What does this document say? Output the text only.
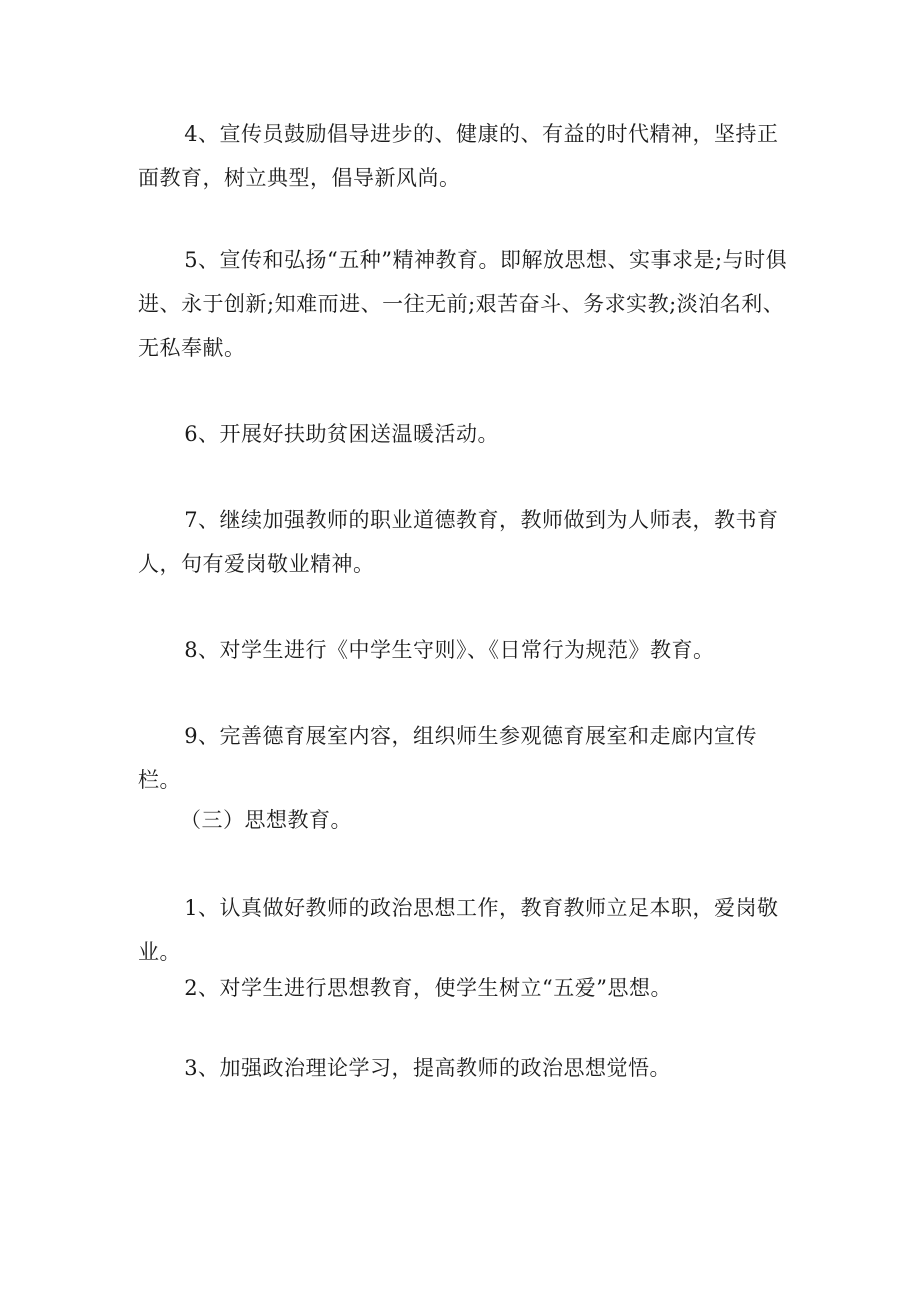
4、宣传员鼓励倡导进步的、健康的、有益的时代精神，坚持正面教育，树立典型，倡导新风尚。

5、宣传和弘扬“五种”精神教育。即解放思想、实事求是;与时俱进、永于创新;知难而进、一往无前;艰苦奋斗、务求实教;淡泊名利、无私奉献。

6、开展好扶助贫困送温暖活动。

7、继续加强教师的职业道德教育，教师做到为人师表，教书育人，句有爱岗敬业精神。

8、对学生进行《中学生守则》、《日常行为规范》教育。

9、完善德育展室内容，组织师生参观德育展室和走廊内宣传栏。

（三）思想教育。

1、认真做好教师的政治思想工作，教育教师立足本职，爱岗敬业。

2、对学生进行思想教育，使学生树立“五爱”思想。

3、加强政治理论学习，提高教师的政治思想觉悟。
